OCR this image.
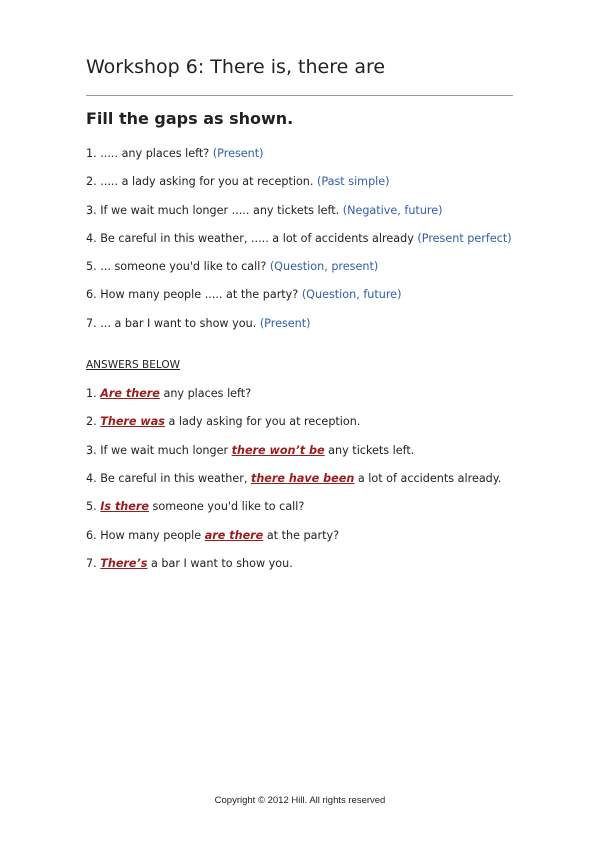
Workshop 6: There is, there are
Fill the gaps as shown.
1. ..... any places left? (Present)
2. ..... a lady asking for you at reception. (Past simple)
3. If we wait much longer ..... any tickets left. (Negative, future)
4. Be careful in this weather, ..... a lot of accidents already (Present perfect)
5. ... someone you'd like to call? (Question, present)
6. How many people ..... at the party? (Question, future)
7. ... a bar I want to show you. (Present)
ANSWERS BELOW
1. Are there any places left?
2. There was a lady asking for you at reception.
3. If we wait much longer there won’t be any tickets left.
4. Be careful in this weather, there have been a lot of accidents already.
5. Is there someone you'd like to call?
6. How many people are there at the party?
7. There’s a bar I want to show you.
Copyright © 2012 Hill. All rights reserved
